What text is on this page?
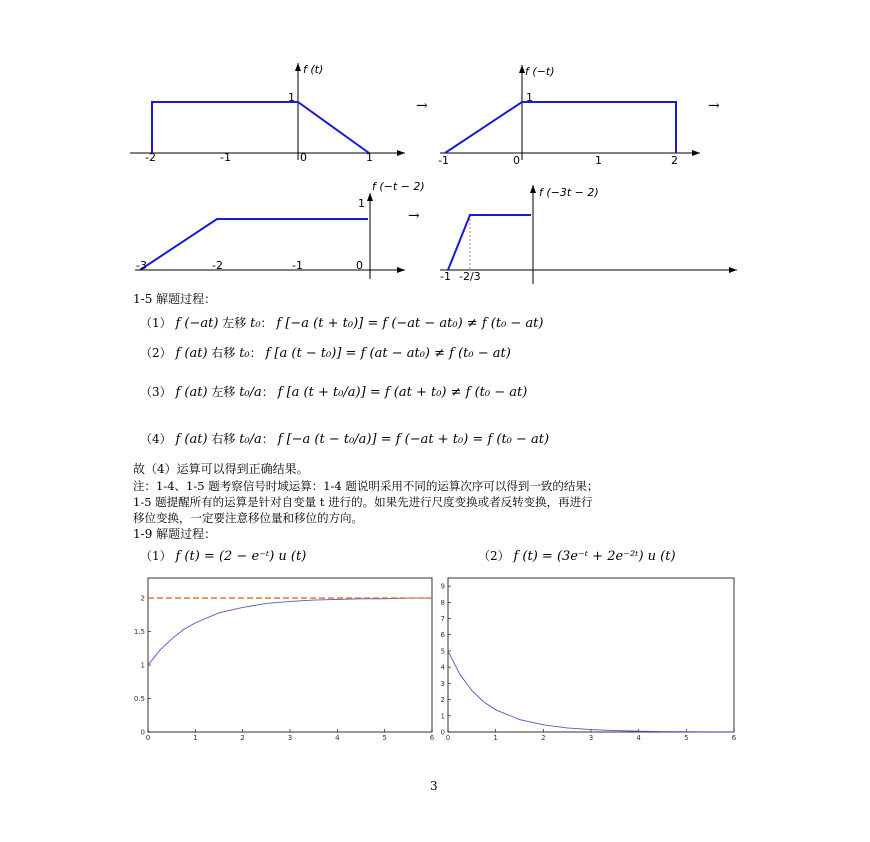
f (t)
1
-2	-1	0	1
→
f (−t)
1
-1	0	1	2
→
f (−t − 2)
1
-3	-2	-1	0
→
f (−3t − 2)
-1 -2/3
1-5 解题过程：
（1） f (−at) 左移 t₀： f [−a (t + t₀)] = f (−at − at₀) ≠ f (t₀ − at)
（2） f (at) 右移 t₀： f [a (t − t₀)] = f (at − at₀) ≠ f (t₀ − at)
（3） f (at) 左移 t₀/a： f [a (t + t₀/a)] = f (at + t₀) ≠ f (t₀ − at)
（4） f (at) 右移 t₀/a： f [−a (t − t₀/a)] = f (−at + t₀) = f (t₀ − at)
故（4）运算可以得到正确结果。
注：1-4、1-5 题考察信号时域运算：1-4 题说明采用不同的运算次序可以得到一致的结果；
1-5 题提醒所有的运算是针对自变量 t 进行的。如果先进行尺度变换或者反转变换，再进行
移位变换，一定要注意移位量和移位的方向。
1-9 解题过程：
（1） f (t) = (2 − e⁻ᵗ) u (t)	（2） f (t) = (3e⁻ᵗ + 2e⁻²ᵗ) u (t)
0	1	2	3	4	5	6
0
0.5
1
1.5
2
0	1	2	3	4	5	6
0
1
2
3
4
5
6
7
8
9
3
